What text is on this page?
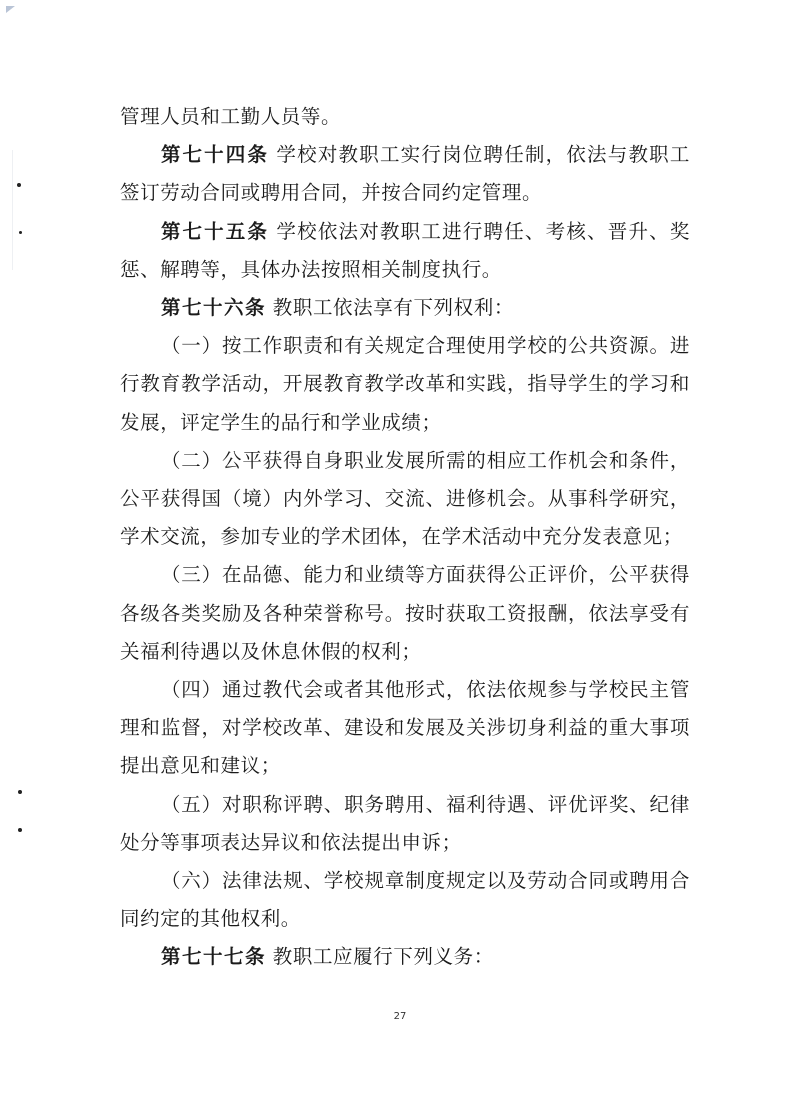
管理人员和工勤人员等。

第七十四条 学校对教职工实行岗位聘任制，依法与教职工签订劳动合同或聘用合同，并按合同约定管理。

第七十五条 学校依法对教职工进行聘任、考核、晋升、奖惩、解聘等，具体办法按照相关制度执行。

第七十六条 教职工依法享有下列权利：

（一）按工作职责和有关规定合理使用学校的公共资源。进行教育教学活动，开展教育教学改革和实践，指导学生的学习和发展，评定学生的品行和学业成绩；

（二）公平获得自身职业发展所需的相应工作机会和条件，公平获得国（境）内外学习、交流、进修机会。从事科学研究，学术交流，参加专业的学术团体，在学术活动中充分发表意见；

（三）在品德、能力和业绩等方面获得公正评价，公平获得各级各类奖励及各种荣誉称号。按时获取工资报酬，依法享受有关福利待遇以及休息休假的权利；

（四）通过教代会或者其他形式，依法依规参与学校民主管理和监督，对学校改革、建设和发展及关涉切身利益的重大事项提出意见和建议；

（五）对职称评聘、职务聘用、福利待遇、评优评奖、纪律处分等事项表达异议和依法提出申诉；

（六）法律法规、学校规章制度规定以及劳动合同或聘用合同约定的其他权利。

第七十七条 教职工应履行下列义务：

27
